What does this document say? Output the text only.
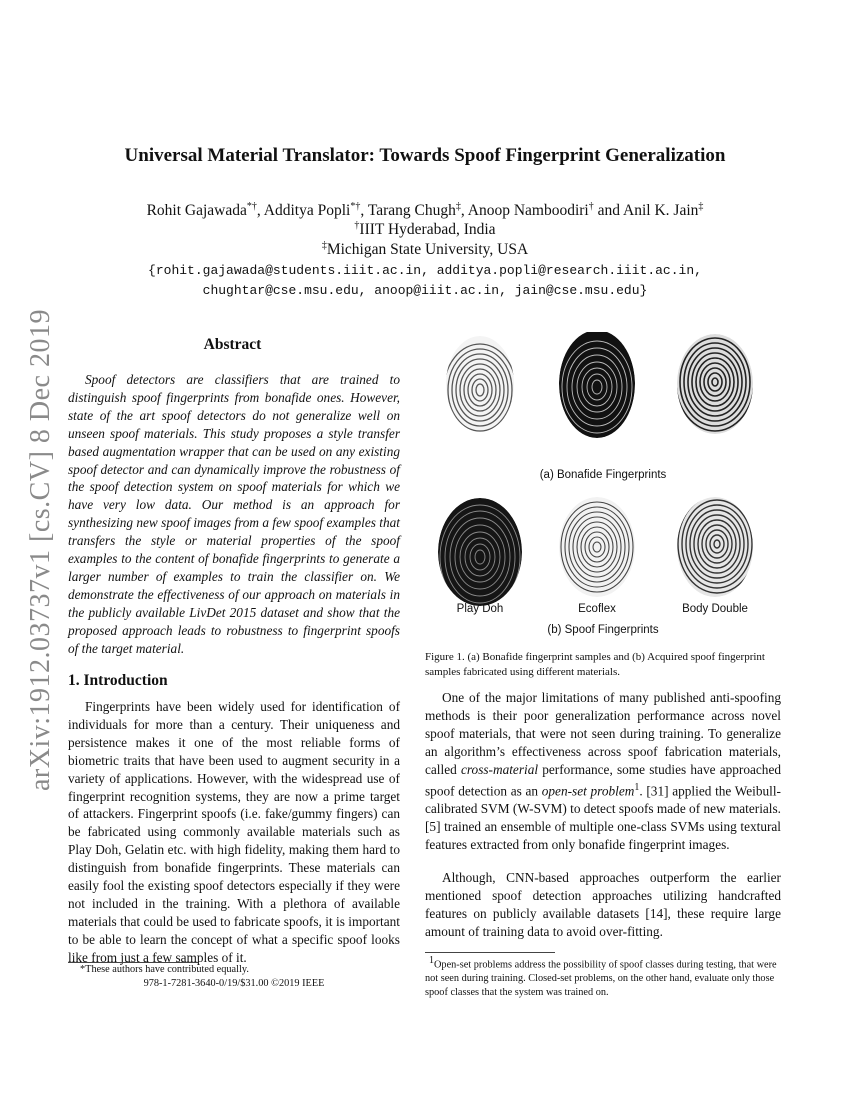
arXiv:1912.03737v1 [cs.CV] 8 Dec 2019
Universal Material Translator: Towards Spoof Fingerprint Generalization
Rohit Gajawada*†, Additya Popli*†, Tarang Chugh‡, Anoop Namboodiri† and Anil K. Jain‡
†IIIT Hyderabad, India
‡Michigan State University, USA
{rohit.gajawada@students.iiit.ac.in, additya.popli@research.iiit.ac.in,
chughtar@cse.msu.edu, anoop@iiit.ac.in, jain@cse.msu.edu}
Abstract

Spoof detectors are classifiers that are trained to distinguish spoof fingerprints from bonafide ones. However, state of the art spoof detectors do not generalize well on unseen spoof materials. This study proposes a style transfer based augmentation wrapper that can be used on any existing spoof detector and can dynamically improve the robustness of the spoof detection system on spoof materials for which we have very low data. Our method is an approach for synthesizing new spoof images from a few spoof examples that transfers the style or material properties of the spoof examples to the content of bonafide fingerprints to generate a larger number of examples to train the classifier on. We demonstrate the effectiveness of our approach on materials in the publicly available LivDet 2015 dataset and show that the proposed approach leads to robustness to fingerprint spoofs of the target material.

1. Introduction

Fingerprints have been widely used for identification of individuals for more than a century. Their uniqueness and persistence makes it one of the most reliable forms of biometric traits that have been used to augment security in a variety of applications. However, with the widespread use of fingerprint recognition systems, they are now a prime target of attackers. Fingerprint spoofs (i.e. fake/gummy fingers) can be fabricated using commonly available materials such as Play Doh, Gelatin etc. with high fidelity, making them hard to distinguish from bonafide fingerprints. These materials can easily fool the existing spoof detectors especially if they were not included in the training. With a plethora of available materials that could be used to fabricate spoofs, it is important to be able to learn the concept of what a specific spoof looks like from just a few samples of it.

*These authors have contributed equally.
978-1-7281-3640-0/19/$31.00 ©2019 IEEE
(a) Bonafide Fingerprints
Play Doh	Ecoflex	Body Double
(b) Spoof Fingerprints
Figure 1. (a) Bonafide fingerprint samples and (b) Acquired spoof fingerprint samples fabricated using different materials.

One of the major limitations of many published anti-spoofing methods is their poor generalization performance across novel spoof materials, that were not seen during training. To generalize an algorithm’s effectiveness across spoof fabrication materials, called cross-material performance, some studies have approached spoof detection as an open-set problem$^1$. [31] applied the Weibull-calibrated SVM (W-SVM) to detect spoofs made of new materials. [5] trained an ensemble of multiple one-class SVMs using textural features extracted from only bonafide fingerprint images.

Although, CNN-based approaches outperform the earlier mentioned spoof detection approaches utilizing handcrafted features on publicly available datasets [14], these require large amount of training data to avoid over-fitting.

$^1$Open-set problems address the possibility of spoof classes during testing, that were not seen during training. Closed-set problems, on the other hand, evaluate only those spoof classes that the system was trained on.
